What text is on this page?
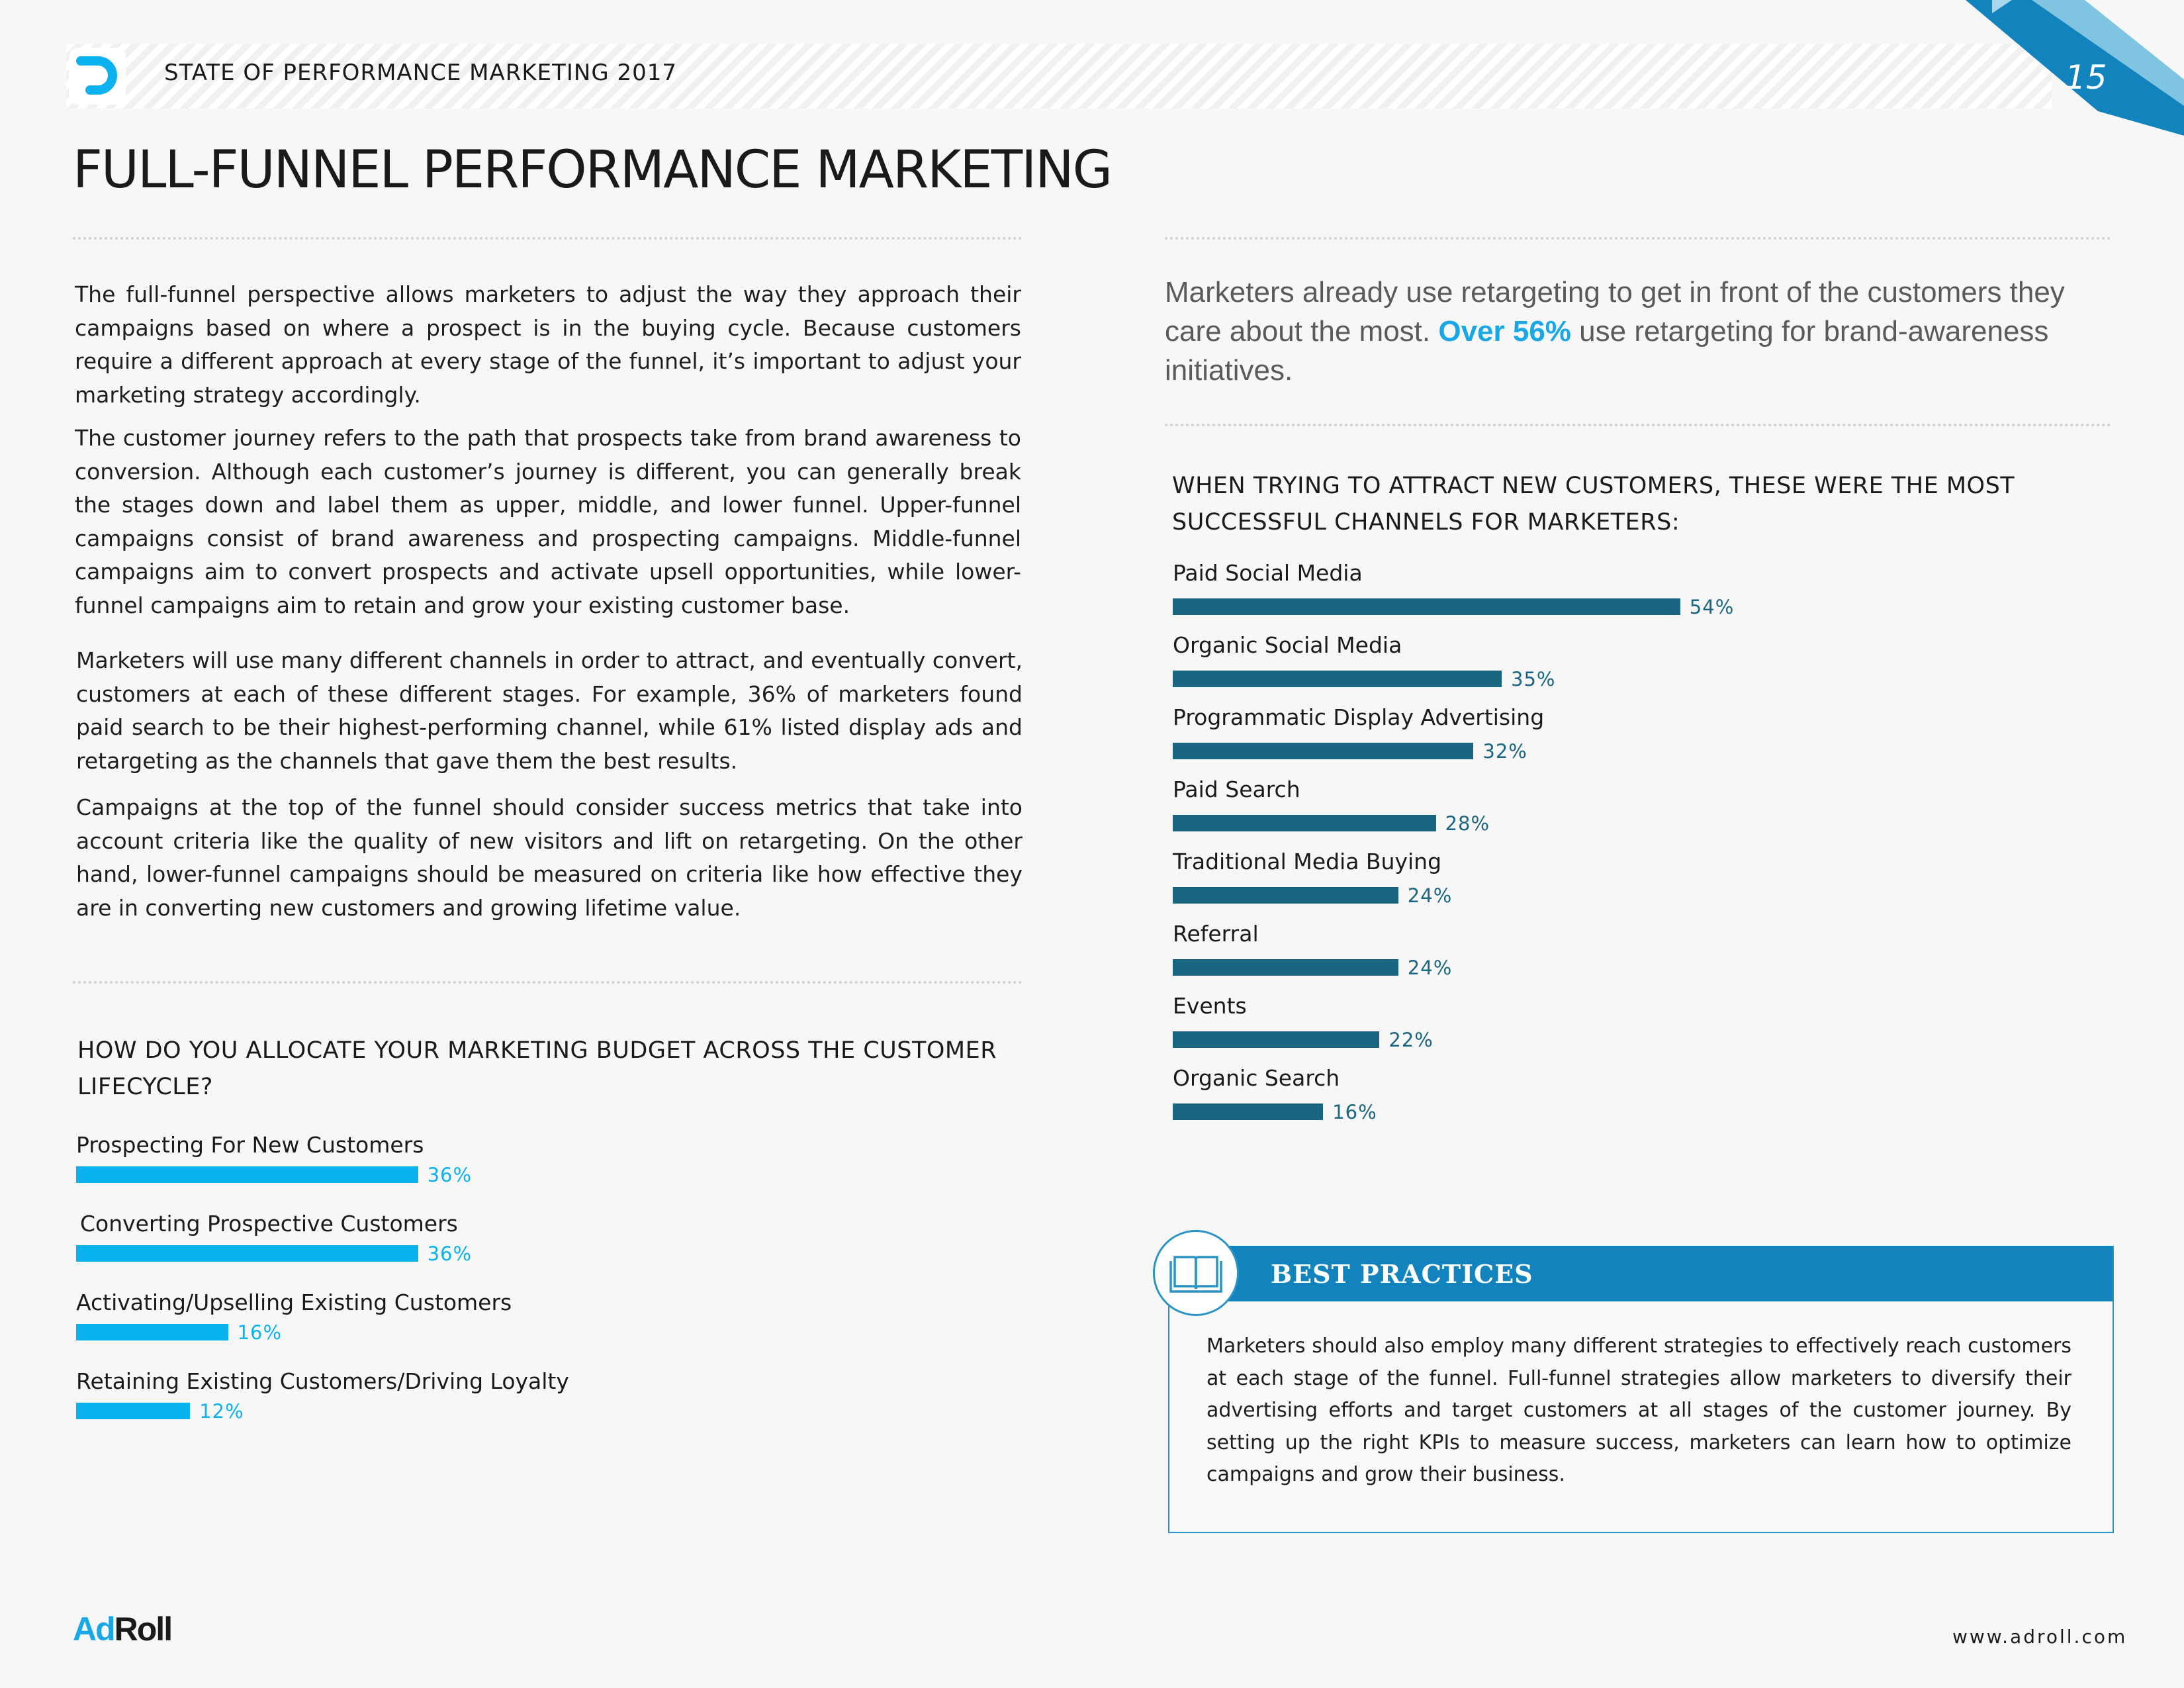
STATE OF PERFORMANCE MARKETING 2017	15
FULL-FUNNEL PERFORMANCE MARKETING
The full-funnel perspective allows marketers to adjust the way they approach their campaigns based on where a prospect is in the buying cycle. Because customers require a different approach at every stage of the funnel, it’s important to adjust your marketing strategy accordingly.
The customer journey refers to the path that prospects take from brand awareness to conversion. Although each customer’s journey is different, you can generally break the stages down and label them as upper, middle, and lower funnel. Upper-funnel campaigns consist of brand awareness and prospecting campaigns. Middle-funnel campaigns aim to convert prospects and activate upsell opportunities, while lower-funnel campaigns aim to retain and grow your existing customer base.
Marketers will use many different channels in order to attract, and eventually convert, customers at each of these different stages. For example, 36% of marketers found paid search to be their highest-performing channel, while 61% listed display ads and retargeting as the channels that gave them the best results.
Campaigns at the top of the funnel should consider success metrics that take into account criteria like the quality of new visitors and lift on retargeting. On the other hand, lower-funnel campaigns should be measured on criteria like how effective they are in converting new customers and growing lifetime value.
Marketers already use retargeting to get in front of the customers they care about the most. Over 56% use retargeting for brand-awareness initiatives.
WHEN TRYING TO ATTRACT NEW CUSTOMERS, THESE WERE THE MOST SUCCESSFUL CHANNELS FOR MARKETERS:
Paid Social Media
54%
Organic Social Media
35%
Programmatic Display Advertising
32%
Paid Search
28%
Traditional Media Buying
24%
Referral
24%
Events
22%
Organic Search
16%
HOW DO YOU ALLOCATE YOUR MARKETING BUDGET ACROSS THE CUSTOMER LIFECYCLE?
Prospecting For New Customers
36%
Converting Prospective Customers
36%
Activating/Upselling Existing Customers
16%
Retaining Existing Customers/Driving Loyalty
12%
BEST PRACTICES
Marketers should also employ many different strategies to effectively reach customers at each stage of the funnel. Full-funnel strategies allow marketers to diversify their advertising efforts and target customers at all stages of the customer journey. By setting up the right KPIs to measure success, marketers can learn how to optimize campaigns and grow their business.
AdRoll	www.adroll.com
